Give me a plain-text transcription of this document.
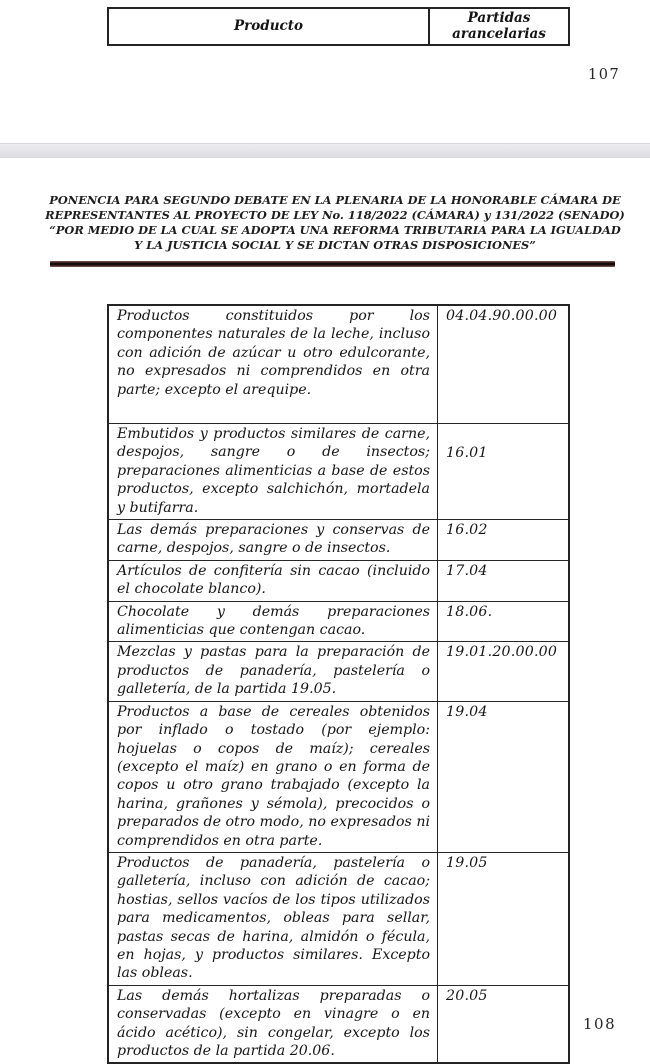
Producto	Partidas arancelarias
107
PONENCIA PARA SEGUNDO DEBATE EN LA PLENARIA DE LA HONORABLE CÁMARA DE REPRESENTANTES AL PROYECTO DE LEY No. 118/2022 (CÁMARA) y 131/2022 (SENADO) “POR MEDIO DE LA CUAL SE ADOPTA UNA REFORMA TRIBUTARIA PARA LA IGUALDAD Y LA JUSTICIA SOCIAL Y SE DICTAN OTRAS DISPOSICIONES”
Productos constituidos por los componentes naturales de la leche, incluso con adición de azúcar u otro edulcorante, no expresados ni comprendidos en otra parte; excepto el arequipe.	04.04.90.00.00
Embutidos y productos similares de carne, despojos, sangre o de insectos; preparaciones alimenticias a base de estos productos, excepto salchichón, mortadela y butifarra.	16.01
Las demás preparaciones y conservas de carne, despojos, sangre o de insectos.	16.02
Artículos de confitería sin cacao (incluido el chocolate blanco).	17.04
Chocolate y demás preparaciones alimenticias que contengan cacao.	18.06.
Mezclas y pastas para la preparación de productos de panadería, pastelería o galletería, de la partida 19.05.	19.01.20.00.00
Productos a base de cereales obtenidos por inflado o tostado (por ejemplo: hojuelas o copos de maíz); cereales (excepto el maíz) en grano o en forma de copos u otro grano trabajado (excepto la harina, grañones y sémola), precocidos o preparados de otro modo, no expresados ni comprendidos en otra parte.	19.04
Productos de panadería, pastelería o galletería, incluso con adición de cacao; hostias, sellos vacíos de los tipos utilizados para medicamentos, obleas para sellar, pastas secas de harina, almidón o fécula, en hojas, y productos similares. Excepto las obleas.	19.05
Las demás hortalizas preparadas o conservadas (excepto en vinagre o en ácido acético), sin congelar, excepto los productos de la partida 20.06.	20.05
108
